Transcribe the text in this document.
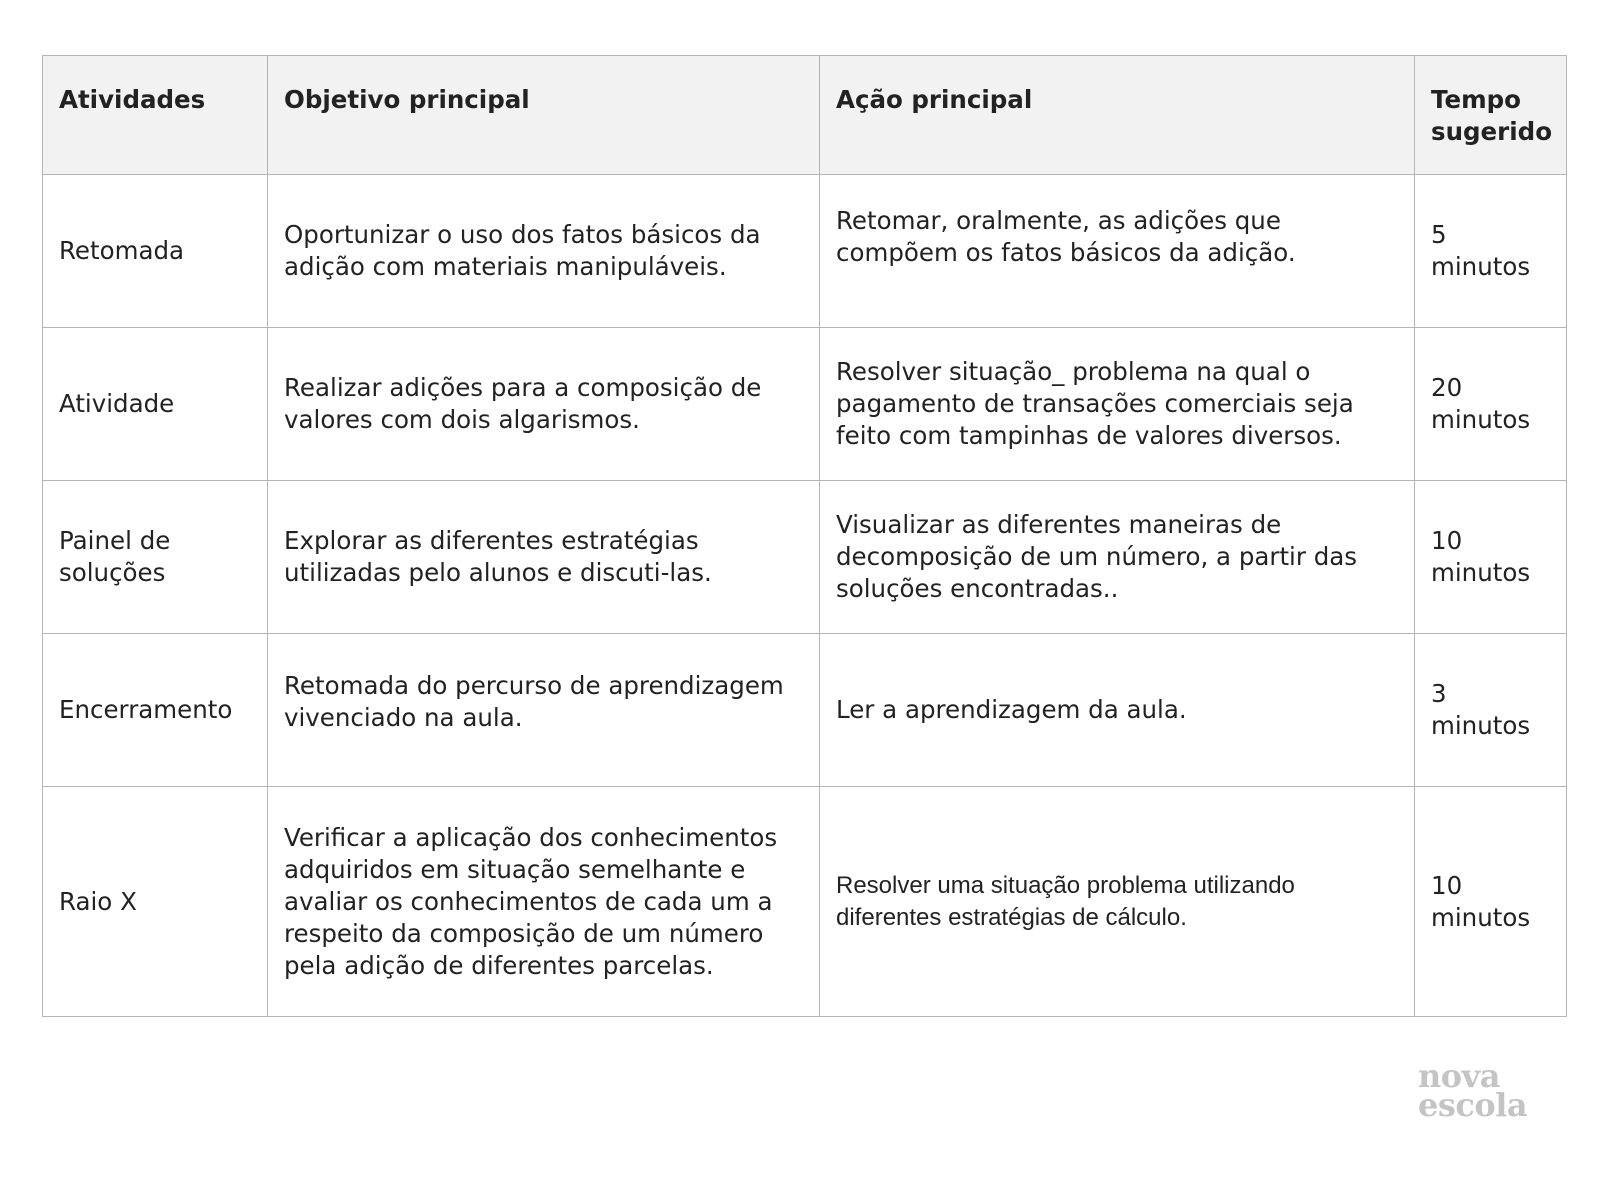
Atividades	Objetivo principal	Ação principal	Tempo sugerido

Retomada	Oportunizar o uso dos fatos básicos da adição com materiais manipuláveis.	Retomar, oralmente, as adições que compõem os fatos básicos da adição.	5 minutos

Atividade	Realizar adições para a composição de valores com dois algarismos.	Resolver situação_ problema na qual o pagamento de transações comerciais seja feito com tampinhas de valores diversos.	20 minutos

Painel de soluções	Explorar as diferentes estratégias utilizadas pelo alunos e discuti-las.	Visualizar as diferentes maneiras de decomposição de um número, a partir das soluções encontradas..	10 minutos

Encerramento	Retomada do percurso de aprendizagem vivenciado na aula.	Ler a aprendizagem da aula.	3 minutos

Raio X	Verificar a aplicação dos conhecimentos adquiridos em situação semelhante e avaliar os conhecimentos de cada um a respeito da composição de um número pela adição de diferentes parcelas.	Resolver uma situação problema utilizando diferentes estratégias de cálculo.	10 minutos
nova
escola
